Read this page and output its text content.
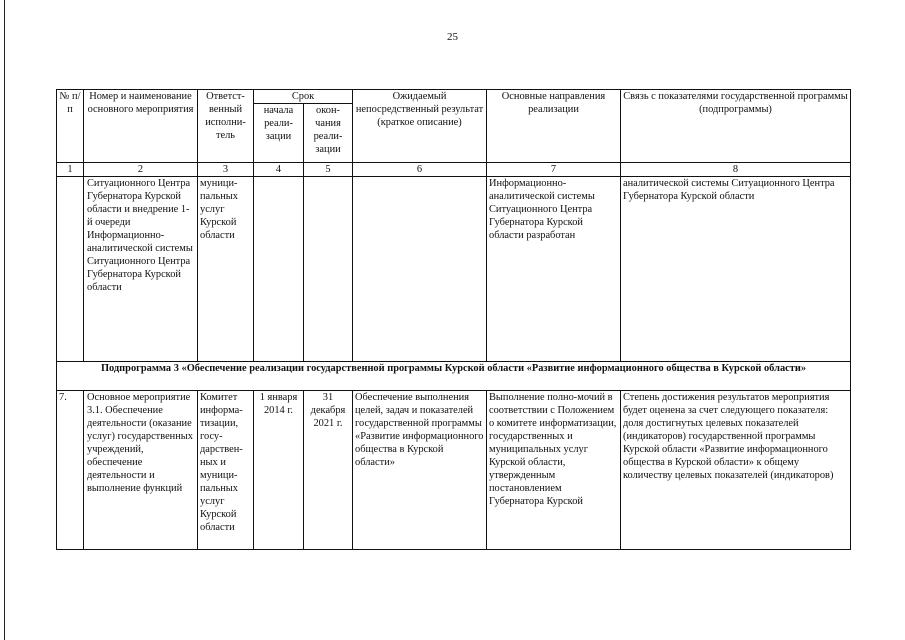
25
№ п/п	Номер и наименование основного мероприятия	Ответст-венный исполни-тель	Срок		Ожидаемый непосредственный результат (краткое описание)	Основные направления реализации	Связь с показателями государственной программы (подпрограммы)
			начала реали-зации	окон-чания реали-зации			
1	2	3	4	5	6	7	8
	Ситуационного Центра Губернатора Курской области и внедрение 1-й очереди Информационно-аналитической системы Ситуационного Центра Губернатора Курской области	муници-пальных услуг Курской области				Информационно-аналитической системы Ситуационного Центра Губернатора Курской области разработан	аналитической системы Ситуационного Центра Губернатора Курской области
Подпрограмма 3 «Обеспечение реализации государственной программы Курской области «Развитие информационного общества в Курской области»							
7.	Основное мероприятие 3.1. Обеспечение деятельности (оказание услуг) государственных учреждений, обеспечение деятельности и выполнение функций	Комитет информа-тизации, госу-дарствен-ных и муници-пальных услуг Курской области	1 января 2014 г.	31 декабря 2021 г.	Обеспечение выполнения целей, задач и показателей государственной программы «Развитие информационного общества в Курской области»	Выполнение полно-мочий в соответствии с Положением о комитете информатизации, государственных и муниципальных услуг Курской области, утвержденным постановлением Губернатора Курской	Степень достижения результатов мероприятия будет оценена за счет следующего показателя: доля достигнутых целевых показателей (индикаторов) государственной программы Курской области «Развитие информационного общества в Курской области» к общему количеству целевых показателей (индикаторов)
